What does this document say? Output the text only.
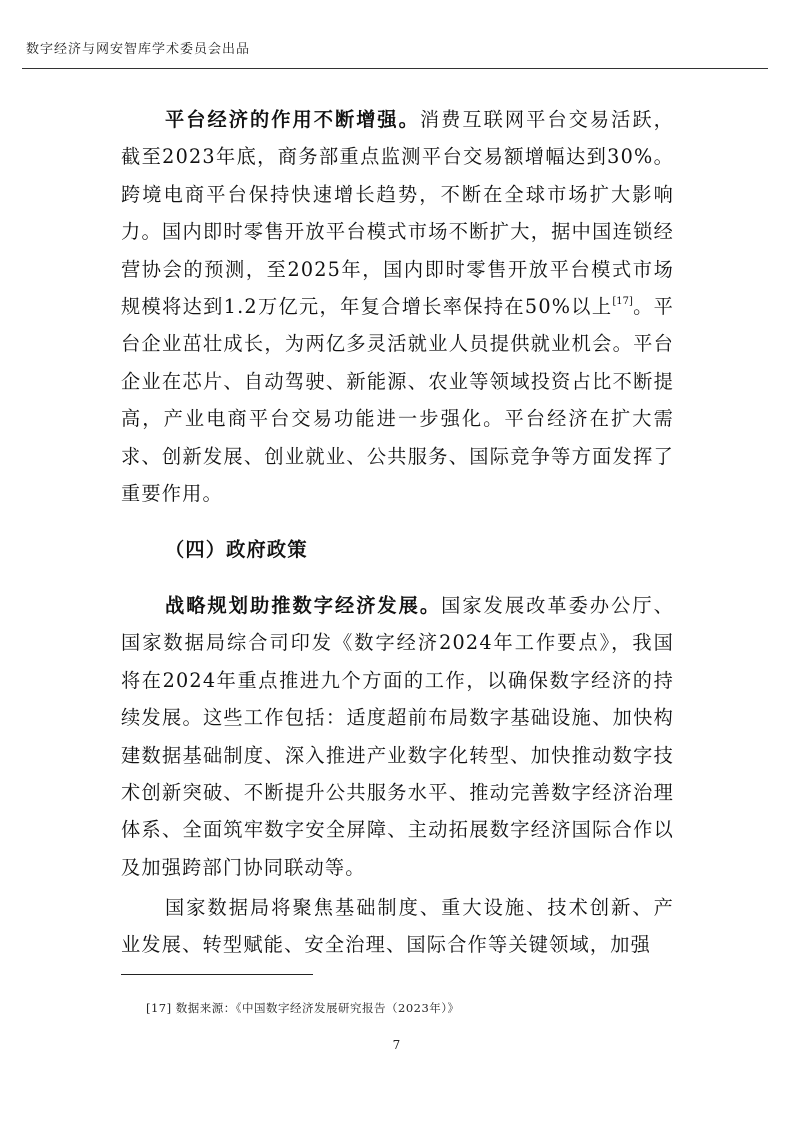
数字经济与网安智库学术委员会出品

平台经济的作用不断增强。消费互联网平台交易活跃，截至2023年底，商务部重点监测平台交易额增幅达到30%。跨境电商平台保持快速增长趋势，不断在全球市场扩大影响力。国内即时零售开放平台模式市场不断扩大，据中国连锁经营协会的预测，至2025年，国内即时零售开放平台模式市场规模将达到1.2万亿元，年复合增长率保持在50%以上[17]。平台企业茁壮成长，为两亿多灵活就业人员提供就业机会。平台企业在芯片、自动驾驶、新能源、农业等领域投资占比不断提高，产业电商平台交易功能进一步强化。平台经济在扩大需求、创新发展、创业就业、公共服务、国际竞争等方面发挥了重要作用。

（四）政府政策

战略规划助推数字经济发展。国家发展改革委办公厅、国家数据局综合司印发《数字经济2024年工作要点》，我国将在2024年重点推进九个方面的工作，以确保数字经济的持续发展。这些工作包括：适度超前布局数字基础设施、加快构建数据基础制度、深入推进产业数字化转型、加快推动数字技术创新突破、不断提升公共服务水平、推动完善数字经济治理体系、全面筑牢数字安全屏障、主动拓展数字经济国际合作以及加强跨部门协同联动等。

国家数据局将聚焦基础制度、重大设施、技术创新、产业发展、转型赋能、安全治理、国际合作等关键领域，加强

[17] 数据来源：《中国数字经济发展研究报告（2023年）》
7
